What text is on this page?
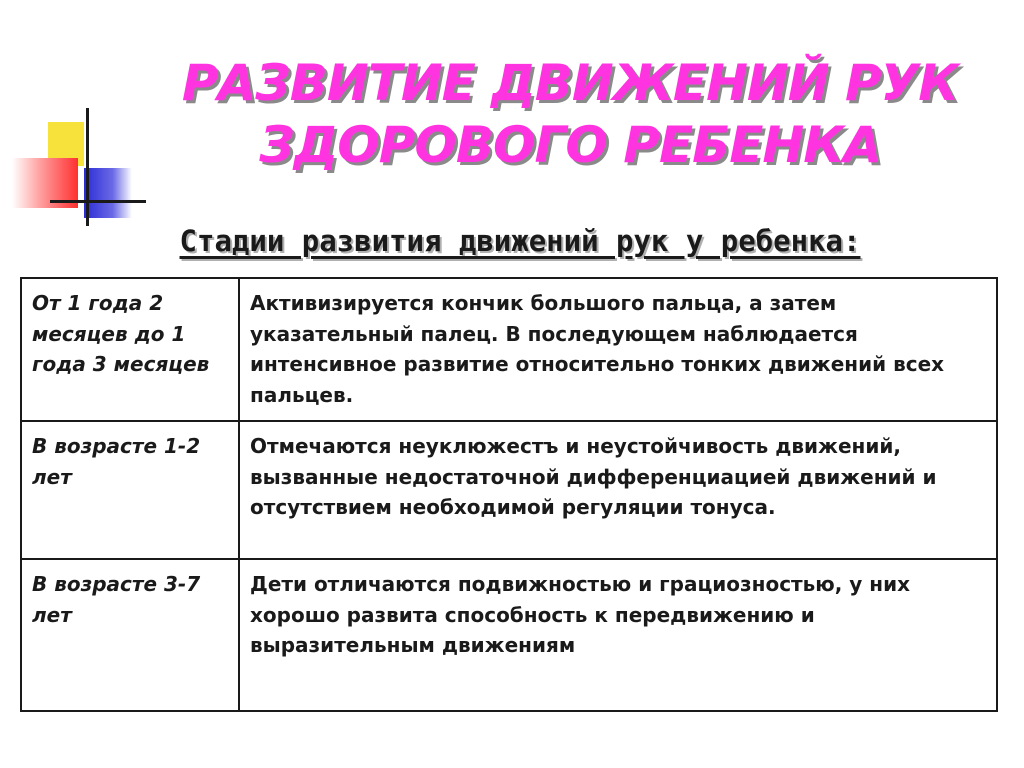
РАЗВИТИЕ ДВИЖЕНИЙ РУК
ЗДОРОВОГО РЕБЕНКА
Стадии развития движений рук у ребенка:
От 1 года 2 месяцев до 1 года 3 месяцев	Активизируется кончик большого пальца, а затем указательный палец. В последующем наблюдается интенсивное развитие относительно тонких движений всех пальцев.
В возрасте 1-2 лет	Отмечаются неуклюжестъ и неустойчивость движений, вызванные недостаточной дифференциацией движений и отсутствием необходимой регуляции тонуса.
В возрасте 3-7 лет	Дети отличаются подвижностью и грациозностью, у них хорошо развита способность к передвижению и выразительным движениям
